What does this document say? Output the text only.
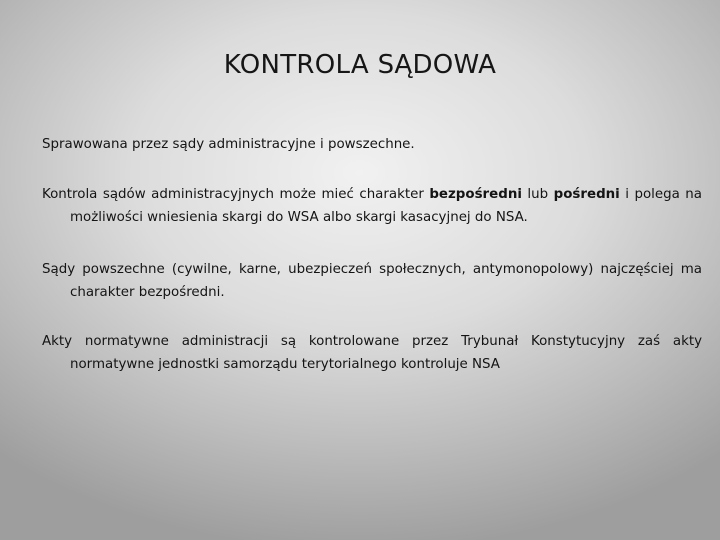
KONTROLA SĄDOWA

Sprawowana przez sądy administracyjne i powszechne.

Kontrola sądów administracyjnych może mieć charakter bezpośredni lub pośredni i polega na możliwości wniesienia skargi do WSA albo skargi kasacyjnej do NSA.

Sądy powszechne (cywilne, karne, ubezpieczeń społecznych, antymonopolowy) najczęściej ma charakter bezpośredni.

Akty normatywne administracji są kontrolowane przez Trybunał Konstytucyjny zaś akty normatywne jednostki samorządu terytorialnego kontroluje NSA
